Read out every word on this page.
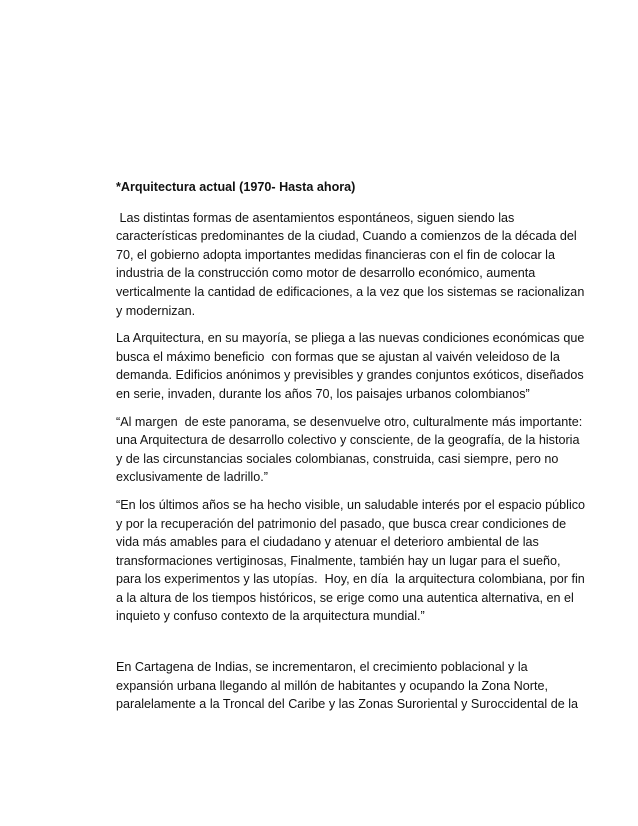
*Arquitectura actual (1970- Hasta ahora)

Las distintas formas de asentamientos espontáneos, siguen siendo las características predominantes de la ciudad, Cuando a comienzos de la década del 70, el gobierno adopta importantes medidas financieras con el fin de colocar la industria de la construcción como motor de desarrollo económico, aumenta verticalmente la cantidad de edificaciones, a la vez que los sistemas se racionalizan y modernizan.

La Arquitectura, en su mayoría, se pliega a las nuevas condiciones económicas que busca el máximo beneficio  con formas que se ajustan al vaivén veleidoso de la demanda. Edificios anónimos y previsibles y grandes conjuntos exóticos, diseñados en serie, invaden, durante los años 70, los paisajes urbanos colombianos”

“Al margen  de este panorama, se desenvuelve otro, culturalmente más importante: una Arquitectura de desarrollo colectivo y consciente, de la geografía, de la historia y de las circunstancias sociales colombianas, construida, casi siempre, pero no exclusivamente de ladrillo.”

“En los últimos años se ha hecho visible, un saludable interés por el espacio público y por la recuperación del patrimonio del pasado, que busca crear condiciones de vida más amables para el ciudadano y atenuar el deterioro ambiental de las transformaciones vertiginosas, Finalmente, también hay un lugar para el sueño, para los experimentos y las utopías.  Hoy, en día  la arquitectura colombiana, por fin  a la altura de los tiempos históricos, se erige como una autentica alternativa, en el inquieto y confuso contexto de la arquitectura mundial.”

En Cartagena de Indias, se incrementaron, el crecimiento poblacional y la expansión urbana llegando al millón de habitantes y ocupando la Zona Norte, paralelamente a la Troncal del Caribe y las Zonas Suroriental y Suroccidental de la
